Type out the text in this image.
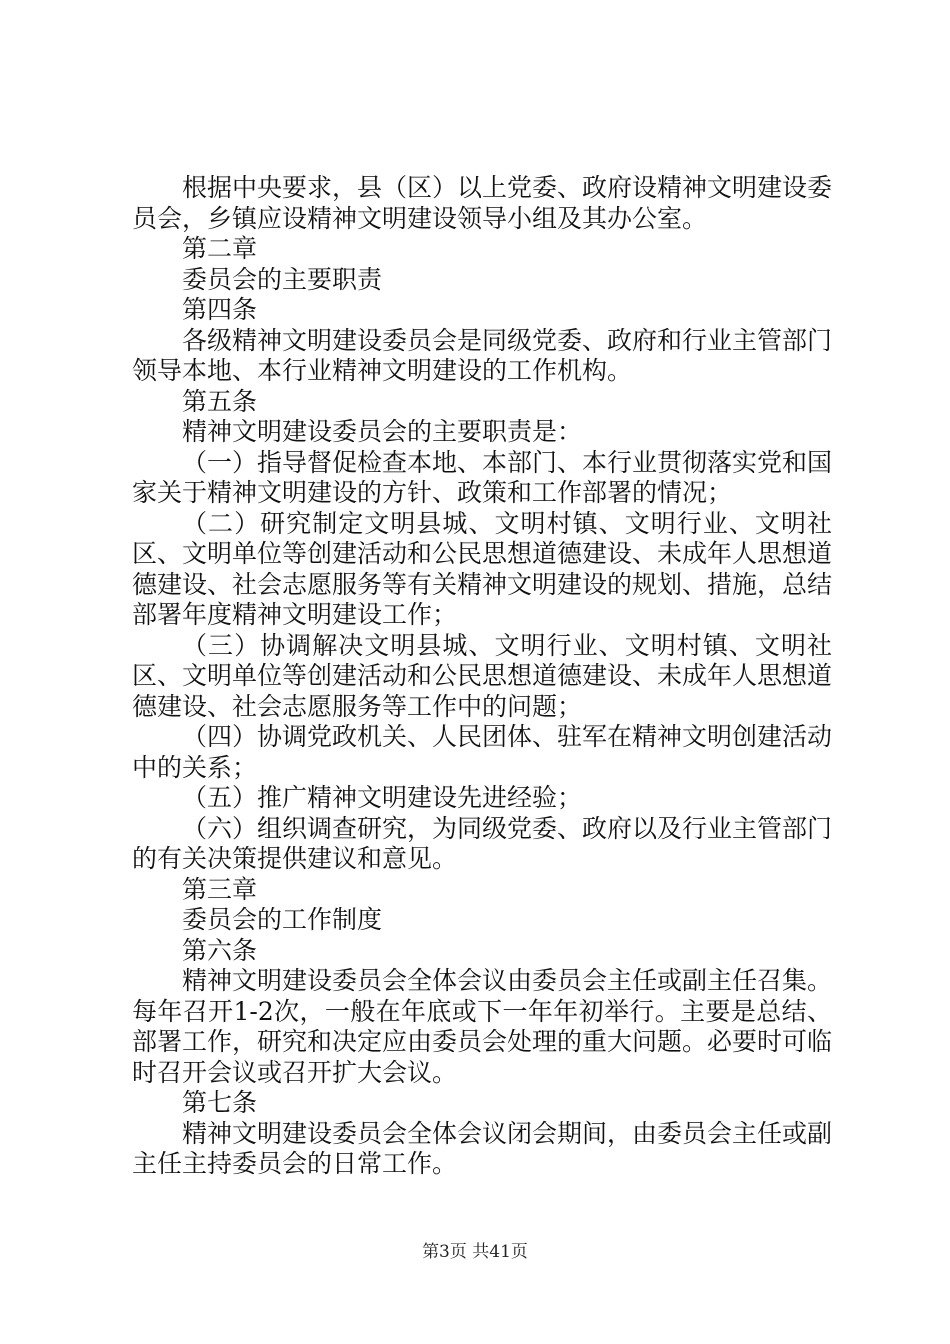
根据中央要求，县（区）以上党委、政府设精神文明建设委员会，乡镇应设精神文明建设领导小组及其办公室。

第二章

委员会的主要职责

第四条

各级精神文明建设委员会是同级党委、政府和行业主管部门领导本地、本行业精神文明建设的工作机构。

第五条

精神文明建设委员会的主要职责是：

（一）指导督促检查本地、本部门、本行业贯彻落实党和国家关于精神文明建设的方针、政策和工作部署的情况；

（二）研究制定文明县城、文明村镇、文明行业、文明社区、文明单位等创建活动和公民思想道德建设、未成年人思想道德建设、社会志愿服务等有关精神文明建设的规划、措施，总结部署年度精神文明建设工作；

（三）协调解决文明县城、文明行业、文明村镇、文明社区、文明单位等创建活动和公民思想道德建设、未成年人思想道德建设、社会志愿服务等工作中的问题；

（四）协调党政机关、人民团体、驻军在精神文明创建活动中的关系；

（五）推广精神文明建设先进经验；

（六）组织调查研究，为同级党委、政府以及行业主管部门的有关决策提供建议和意见。

第三章

委员会的工作制度

第六条

精神文明建设委员会全体会议由委员会主任或副主任召集。每年召开1-2次，一般在年底或下一年年初举行。主要是总结、部署工作，研究和决定应由委员会处理的重大问题。必要时可临时召开会议或召开扩大会议。

第七条

精神文明建设委员会全体会议闭会期间，由委员会主任或副主任主持委员会的日常工作。

第3页 共41页
